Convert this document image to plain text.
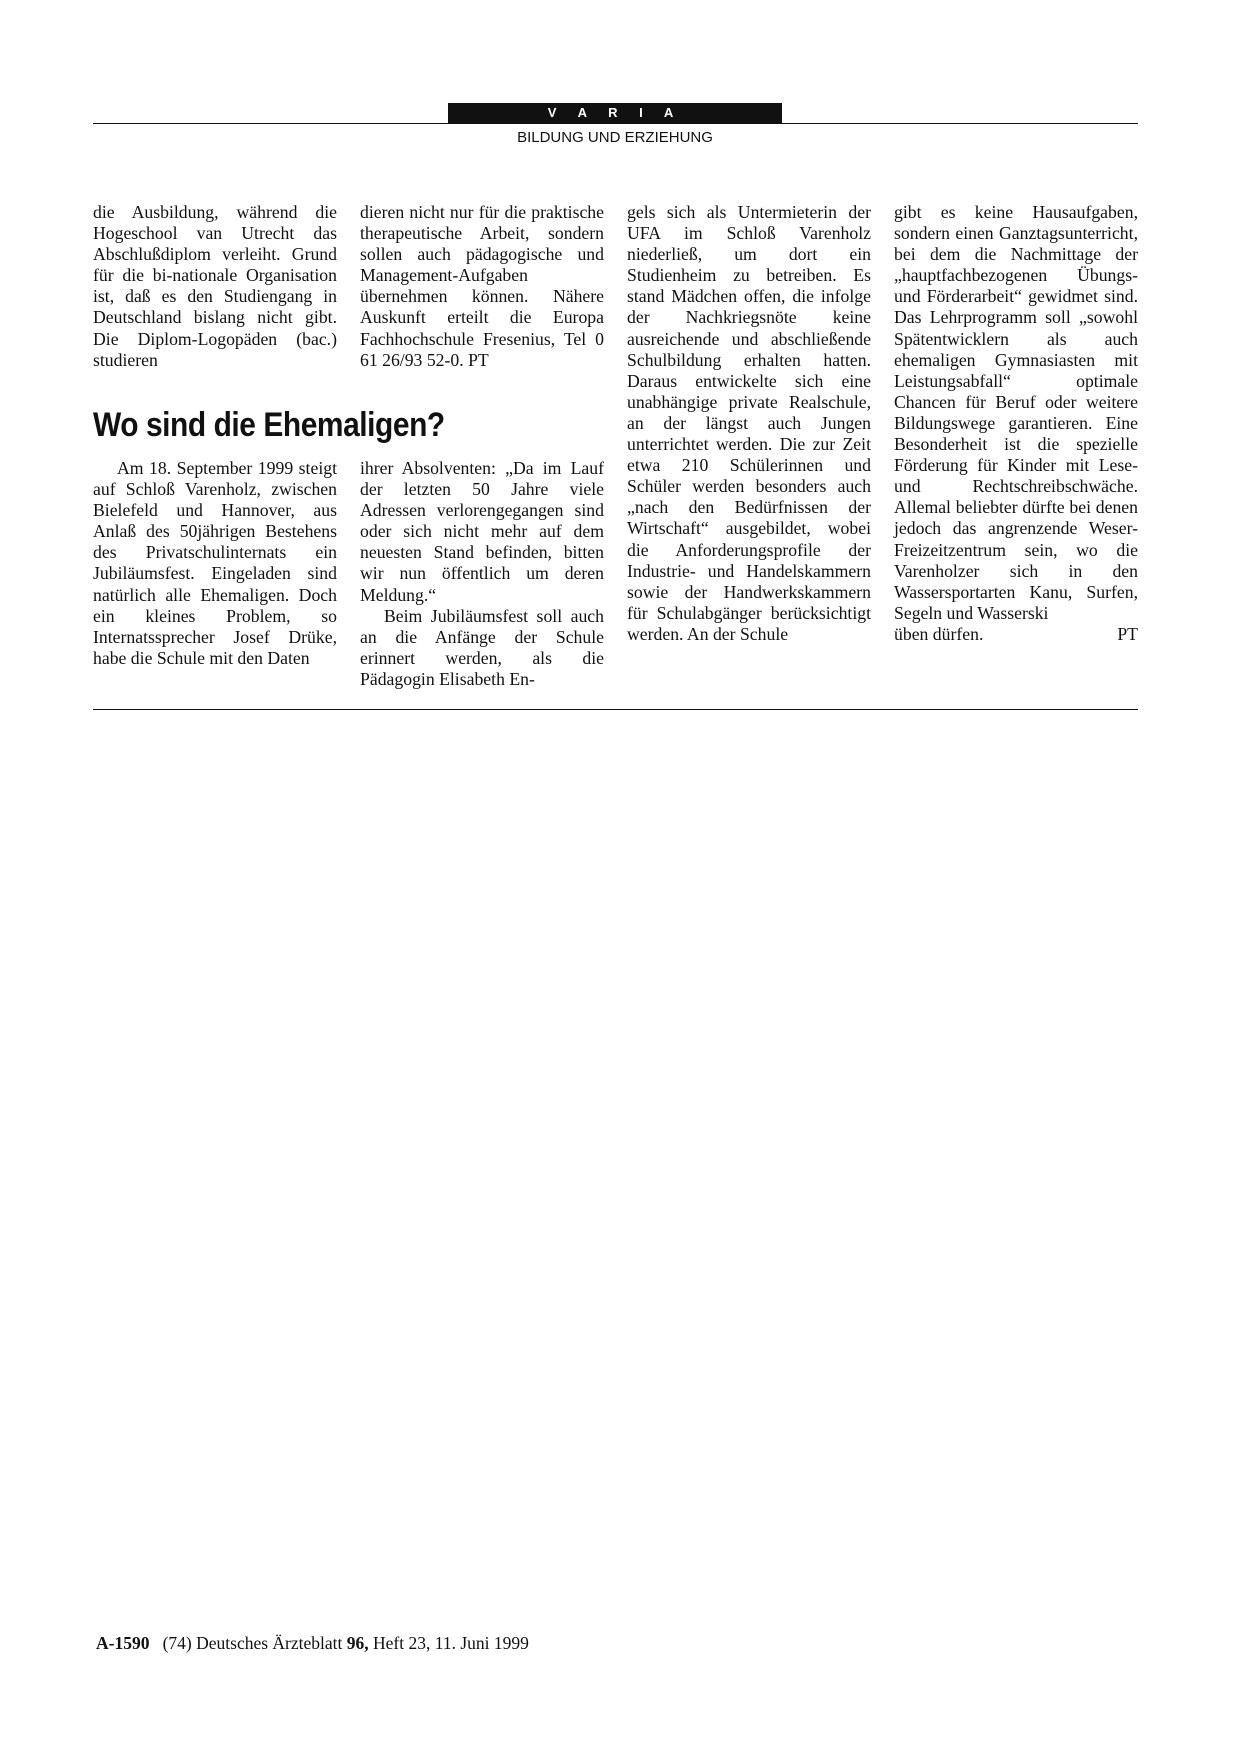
V A R I A
BILDUNG UND ERZIEHUNG

die Ausbildung, während die Hogeschool van Utrecht das Abschlußdiplom verleiht. Grund für die bi-nationale Organisation ist, daß es den Studiengang in Deutschland bislang nicht gibt. Die Diplom-Logopäden (bac.) studieren

dieren nicht nur für die praktische therapeutische Arbeit, sondern sollen auch pädagogische und Management-Aufgaben übernehmen können. Nähere Auskunft erteilt die Europa Fachhochschule Fresenius, Tel 0 61 26/93 52-0. PT

Wo sind die Ehemaligen?

Am 18. September 1999 steigt auf Schloß Varenholz, zwischen Bielefeld und Hannover, aus Anlaß des 50jährigen Bestehens des Privatschulinternats ein Jubiläumsfest. Eingeladen sind natürlich alle Ehemaligen. Doch ein kleines Problem, so Internatssprecher Josef Drüke, habe die Schule mit den Daten

ihrer Absolventen: „Da im Lauf der letzten 50 Jahre viele Adressen verlorengegangen sind oder sich nicht mehr auf dem neuesten Stand befinden, bitten wir nun öffentlich um deren Meldung.“

Beim Jubiläumsfest soll auch an die Anfänge der Schule erinnert werden, als die Pädagogin Elisabeth En-

gels sich als Untermieterin der UFA im Schloß Varenholz niederließ, um dort ein Studienheim zu betreiben. Es stand Mädchen offen, die infolge der Nachkriegsnöte keine ausreichende und abschließende Schulbildung erhalten hatten. Daraus entwickelte sich eine unabhängige private Realschule, an der längst auch Jungen unterrichtet werden. Die zur Zeit etwa 210 Schülerinnen und Schüler werden besonders auch „nach den Bedürfnissen der Wirtschaft“ ausgebildet, wobei die Anforderungsprofile der Industrie- und Handelskammern sowie der Handwerkskammern für Schulabgänger berücksichtigt werden. An der Schule

gibt es keine Hausaufgaben, sondern einen Ganztagsunterricht, bei dem die Nachmittage der „hauptfachbezogenen Übungs- und Förderarbeit“ gewidmet sind. Das Lehrprogramm soll „sowohl Spätentwicklern als auch ehemaligen Gymnasiasten mit Leistungsabfall“ optimale Chancen für Beruf oder weitere Bildungswege garantieren. Eine Besonderheit ist die spezielle Förderung für Kinder mit Lese- und Rechtschreibschwäche. Allemal beliebter dürfte bei denen jedoch das angrenzende Weser-Freizeitzentrum sein, wo die Varenholzer sich in den Wassersportarten Kanu, Surfen, Segeln und Wasserski

üben dürfen.	PT
A-1590 (74) Deutsches Ärzteblatt 96, Heft 23, 11. Juni 1999
